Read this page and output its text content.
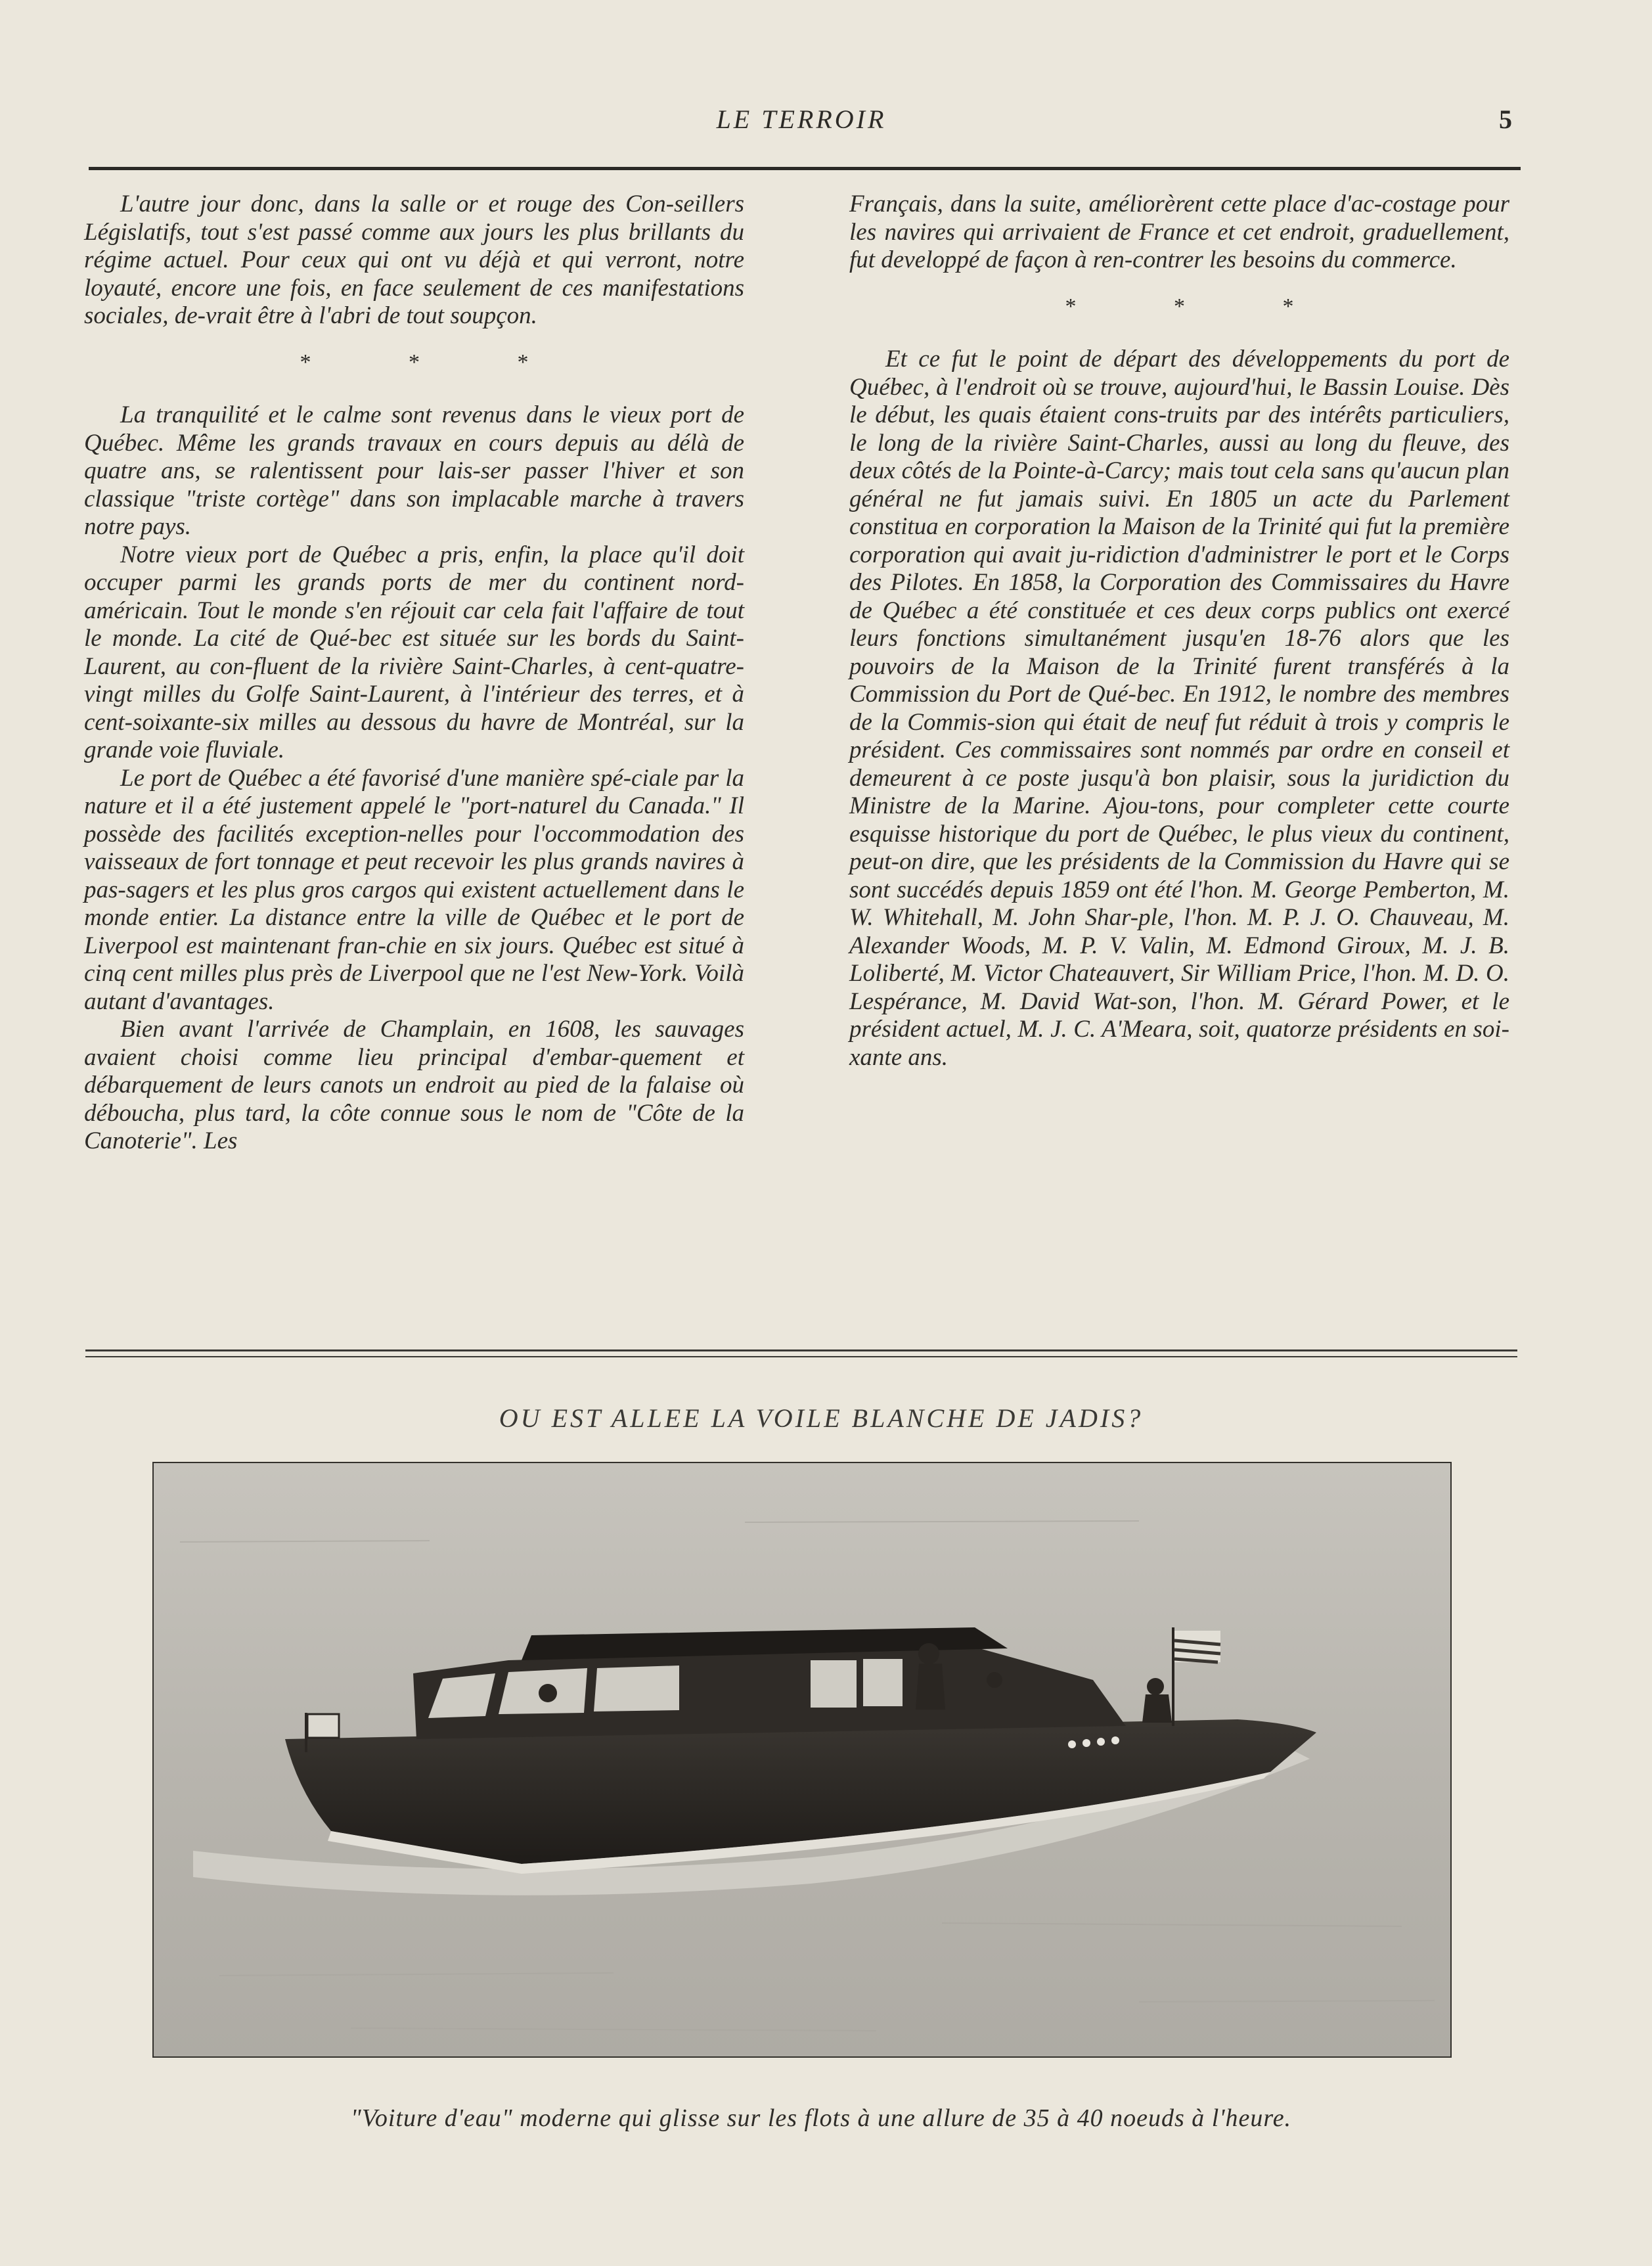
LE TERROIR	5

L'autre jour donc, dans la salle or et rouge des Con-seillers Législatifs, tout s'est passé comme aux jours les plus brillants du régime actuel. Pour ceux qui ont vu déjà et qui verront, notre loyauté, encore une fois, en face seulement de ces manifestations sociales, de-vrait être à l'abri de tout soupçon.

* * *

La tranquilité et le calme sont revenus dans le vieux port de Québec. Même les grands travaux en cours depuis au délà de quatre ans, se ralentissent pour lais-ser passer l'hiver et son classique "triste cortège" dans son implacable marche à travers notre pays.

Notre vieux port de Québec a pris, enfin, la place qu'il doit occuper parmi les grands ports de mer du continent nord-américain. Tout le monde s'en réjouit car cela fait l'affaire de tout le monde. La cité de Qué-bec est située sur les bords du Saint-Laurent, au con-fluent de la rivière Saint-Charles, à cent-quatre-vingt milles du Golfe Saint-Laurent, à l'intérieur des terres, et à cent-soixante-six milles au dessous du havre de Montréal, sur la grande voie fluviale.

Le port de Québec a été favorisé d'une manière spé-ciale par la nature et il a été justement appelé le "port-naturel du Canada." Il possède des facilités exception-nelles pour l'occommodation des vaisseaux de fort tonnage et peut recevoir les plus grands navires à pas-sagers et les plus gros cargos qui existent actuellement dans le monde entier. La distance entre la ville de Québec et le port de Liverpool est maintenant fran-chie en six jours. Québec est situé à cinq cent milles plus près de Liverpool que ne l'est New-York. Voilà autant d'avantages.

Bien avant l'arrivée de Champlain, en 1608, les sauvages avaient choisi comme lieu principal d'embar-quement et débarquement de leurs canots un endroit au pied de la falaise où déboucha, plus tard, la côte connue sous le nom de "Côte de la Canoterie". Les

Français, dans la suite, améliorèrent cette place d'ac-costage pour les navires qui arrivaient de France et cet endroit, graduellement, fut developpé de façon à ren-contrer les besoins du commerce.

* * *

Et ce fut le point de départ des développements du port de Québec, à l'endroit où se trouve, aujourd'hui, le Bassin Louise. Dès le début, les quais étaient cons-truits par des intérêts particuliers, le long de la rivière Saint-Charles, aussi au long du fleuve, des deux côtés de la Pointe-à-Carcy; mais tout cela sans qu'aucun plan général ne fut jamais suivi. En 1805 un acte du Parlement constitua en corporation la Maison de la Trinité qui fut la première corporation qui avait ju-ridiction d'administrer le port et le Corps des Pilotes. En 1858, la Corporation des Commissaires du Havre de Québec a été constituée et ces deux corps publics ont exercé leurs fonctions simultanément jusqu'en 18-76 alors que les pouvoirs de la Maison de la Trinité furent transférés à la Commission du Port de Qué-bec. En 1912, le nombre des membres de la Commis-sion qui était de neuf fut réduit à trois y compris le président. Ces commissaires sont nommés par ordre en conseil et demeurent à ce poste jusqu'à bon plaisir, sous la juridiction du Ministre de la Marine. Ajou-tons, pour completer cette courte esquisse historique du port de Québec, le plus vieux du continent, peut-on dire, que les présidents de la Commission du Havre qui se sont succédés depuis 1859 ont été l'hon. M. George Pemberton, M. W. Whitehall, M. John Shar-ple, l'hon. M. P. J. O. Chauveau, M. Alexander Woods, M. P. V. Valin, M. Edmond Giroux, M. J. B. Loliberté, M. Victor Chateauvert, Sir William Price, l'hon. M. D. O. Lespérance, M. David Wat-son, l'hon. M. Gérard Power, et le président actuel, M. J. C. A'Meara, soit, quatorze présidents en soi-xante ans.

OU EST ALLEE LA VOILE BLANCHE DE JADIS?
"Voiture d'eau" moderne qui glisse sur les flots à une allure de 35 à 40 noeuds à l'heure.
